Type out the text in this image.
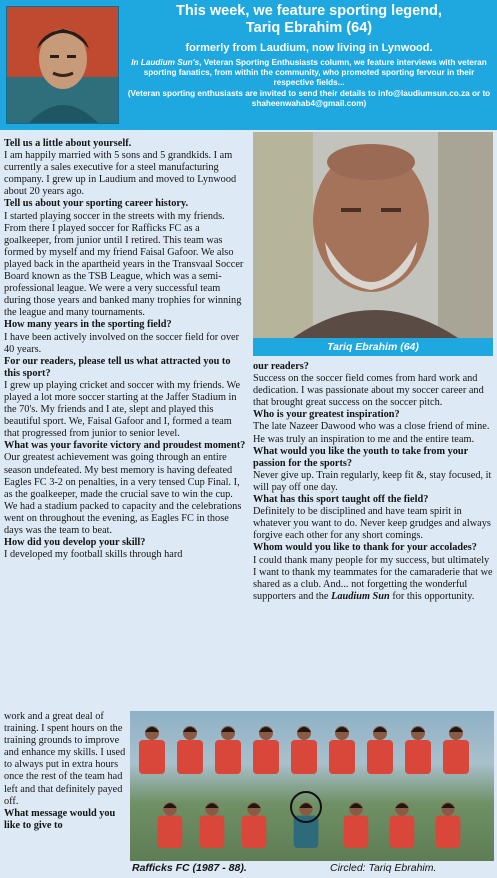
This week, we feature sporting legend,
Tariq Ebrahim (64)
formerly from Laudium, now living in Lynwood.
In Laudium Sun's, Veteran Sporting Enthusiasts column, we feature interviews with veteran sporting fanatics, from within the community, who promoted sporting fervour in their respective fields...
(Veteran sporting enthusiasts are invited to send their details to info@laudiumsun.co.za or to shaheenwahab4@gmail.com)
Tariq Ebrahim (64)

Tell us a little about yourself.

I am happily married with 5 sons and 5 grandkids. I am currently a sales executive for a steel manufacturing company. I grew up in Laudium and moved to Lynwood about 20 years ago.

Tell us about your sporting career history.

I started playing soccer in the streets with my friends. From there I played soccer for Rafficks FC as a goalkeeper, from junior until I retired. This team was formed by myself and my friend Faisal Gafoor. We also played back in the apartheid years in the Transvaal Soccer Board known as the TSB League, which was a semi-professional league. We were a very successful team during those years and banked many trophies for winning the league and many tournaments.

How many years in the sporting field?

I have been actively involved on the soccer field for over 40 years.

For our readers, please tell us what attracted you to this sport?

I grew up playing cricket and soccer with my friends. We played a lot more soccer starting at the Jaffer Stadium in the 70's. My friends and I ate, slept and played this beautiful sport. We, Faisal Gafoor and I, formed a team that progressed from junior to senior level.

What was your favorite victory and proudest moment?

Our greatest achievement was going through an entire season undefeated. My best memory is having defeated Eagles FC 3-2 on penalties, in a very tensed Cup Final. I, as the goalkeeper, made the crucial save to win the cup. We had a stadium packed to capacity and the celebrations went on throughout the evening, as Eagles FC in those days was the team to beat.

How did you develop your skill?

I developed my football skills through hard

our readers?

Success on the soccer field comes from hard work and dedication. I was passionate about my soccer career and that brought great success on the soccer pitch.

Who is your greatest inspiration?

The late Nazeer Dawood who was a close friend of mine. He was truly an inspiration to me and the entire team.

What would you like the youth to take from your passion for the sports?

Never give up. Train regularly, keep fit &, stay focused, it will pay off one day.

What has this sport taught off the field?

Definitely to be disciplined and have team spirit in whatever you want to do. Never keep grudges and always forgive each other for any short comings.

Whom would you like to thank for your accolades?

I could thank many people for my success, but ultimately I want to thank my teammates for the camaraderie that we shared as a club. And... not forgetting the wonderful supporters and the Laudium Sun for this opportunity.

work and a great deal of training. I spent hours on the training grounds to improve and enhance my skills. I used to always put in extra hours once the rest of the team had left and that definitely payed off.

What message would you like to give to

Rafficks FC (1987 - 88).	Circled: Tariq Ebrahim.
